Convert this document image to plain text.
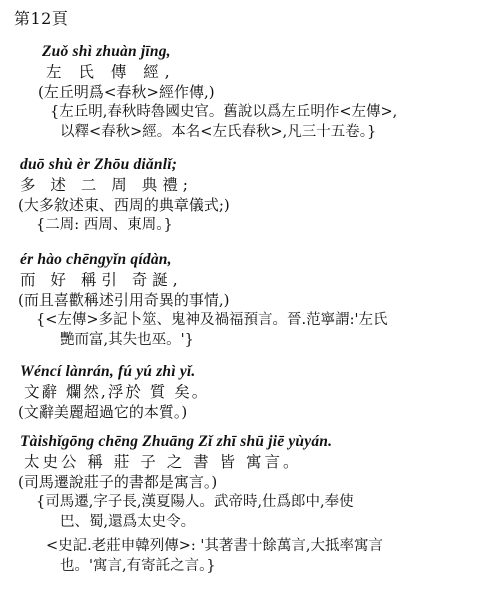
第12頁
Zuǒ shì zhuàn jīng,
左 氏 傳 經,
(左丘明爲<春秋>經作傳,)
{左丘明,春秋時魯國史官。舊說以爲左丘明作<左傳>,
以釋<春秋>經。本名<左氏春秋>,凡三十五卷。}
duō shù èr Zhōu diǎnlǐ;
多 述 二 周 典禮;
(大多敘述東、西周的典章儀式;)
{二周: 西周、東周。}
ér hào chēngyǐn qídàn,
而 好 稱引 奇誕,
(而且喜歡稱述引用奇異的事情,)
{<左傳>多記卜筮、鬼神及禍福預言。晉.范寧謂:'左氏
艷而富,其失也巫。'}
Wéncí lànrán, fú yú zhì yǐ.
文辭 爛然,浮於 質 矣。
(文辭美麗超過它的本質。)
Tàishǐgōng chēng Zhuāng Zǐ zhī shū jiē yùyán.
太史公 稱 莊 子 之 書 皆 寓言。
(司馬遷說莊子的書都是寓言。)
{司馬遷,字子長,漢夏陽人。武帝時,仕爲郎中,奉使
巴、蜀,還爲太史令。
<史記.老莊申韓列傳>: '其著書十餘萬言,大抵率寓言
也。'寓言,有寄託之言。}
